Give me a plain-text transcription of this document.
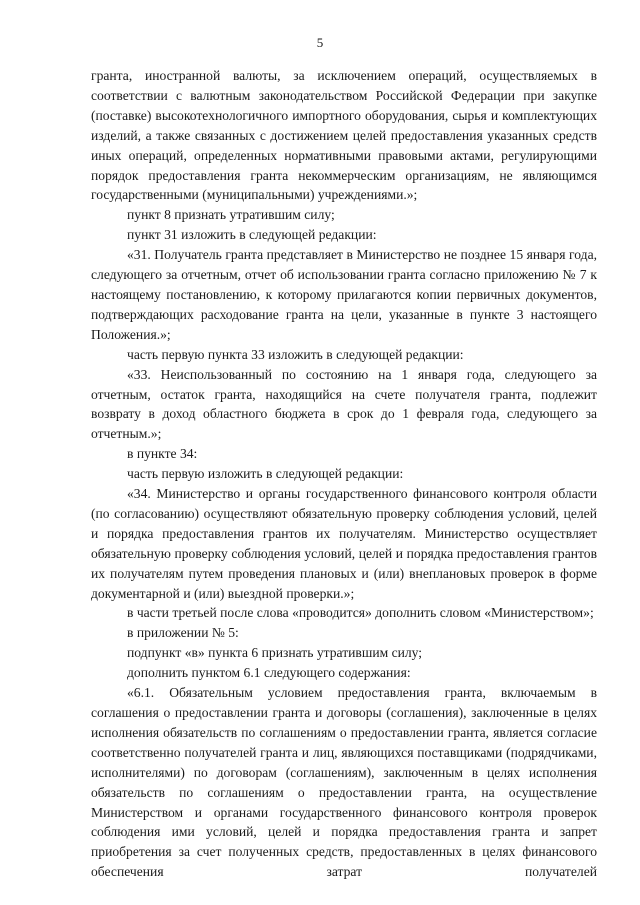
5

гранта, иностранной валюты, за исключением операций, осуществляемых в соответствии с валютным законодательством Российской Федерации при закупке (поставке) высокотехнологичного импортного оборудования, сырья и комплектующих изделий, а также связанных с достижением целей предоставления указанных средств иных операций, определенных нормативными правовыми актами, регулирующими порядок предоставления гранта некоммерческим организациям, не являющимся государственными (муниципальными) учреждениями.»;

пункт 8 признать утратившим силу;

пункт 31 изложить в следующей редакции:

«31. Получатель гранта представляет в Министерство не позднее 15 января года, следующего за отчетным, отчет об использовании гранта согласно приложению № 7 к настоящему постановлению, к которому прилагаются копии первичных документов, подтверждающих расходование гранта на цели, указанные в пункте 3 настоящего Положения.»;

часть первую пункта 33 изложить в следующей редакции:

«33. Неиспользованный по состоянию на 1 января года, следующего за отчетным, остаток гранта, находящийся на счете получателя гранта, подлежит возврату в доход областного бюджета в срок до 1 февраля года, следующего за отчетным.»;

в пункте 34:

часть первую изложить в следующей редакции:

«34. Министерство и органы государственного финансового контроля области (по согласованию) осуществляют обязательную проверку соблюдения условий, целей и порядка предоставления грантов их получателям. Министерство осуществляет обязательную проверку соблюдения условий, целей и порядка предоставления грантов их получателям путем проведения плановых и (или) внеплановых проверок в форме документарной и (или) выездной проверки.»;

в части третьей после слова «проводится» дополнить словом «Министерством»;

в приложении № 5:

подпункт «в» пункта 6 признать утратившим силу;

дополнить пунктом 6.1 следующего содержания:

«6.1. Обязательным условием предоставления гранта, включаемым в соглашения о предоставлении гранта и договоры (соглашения), заключенные в целях исполнения обязательств по соглашениям о предоставлении гранта, является согласие соответственно получателей гранта и лиц, являющихся поставщиками (подрядчиками, исполнителями) по договорам (соглашениям), заключенным в целях исполнения обязательств по соглашениям о предоставлении гранта, на осуществление Министерством и органами государственного финансового контроля проверок соблюдения ими условий, целей и порядка предоставления гранта и запрет приобретения за счет полученных средств, предоставленных в целях финансового обеспечения затрат получателей
